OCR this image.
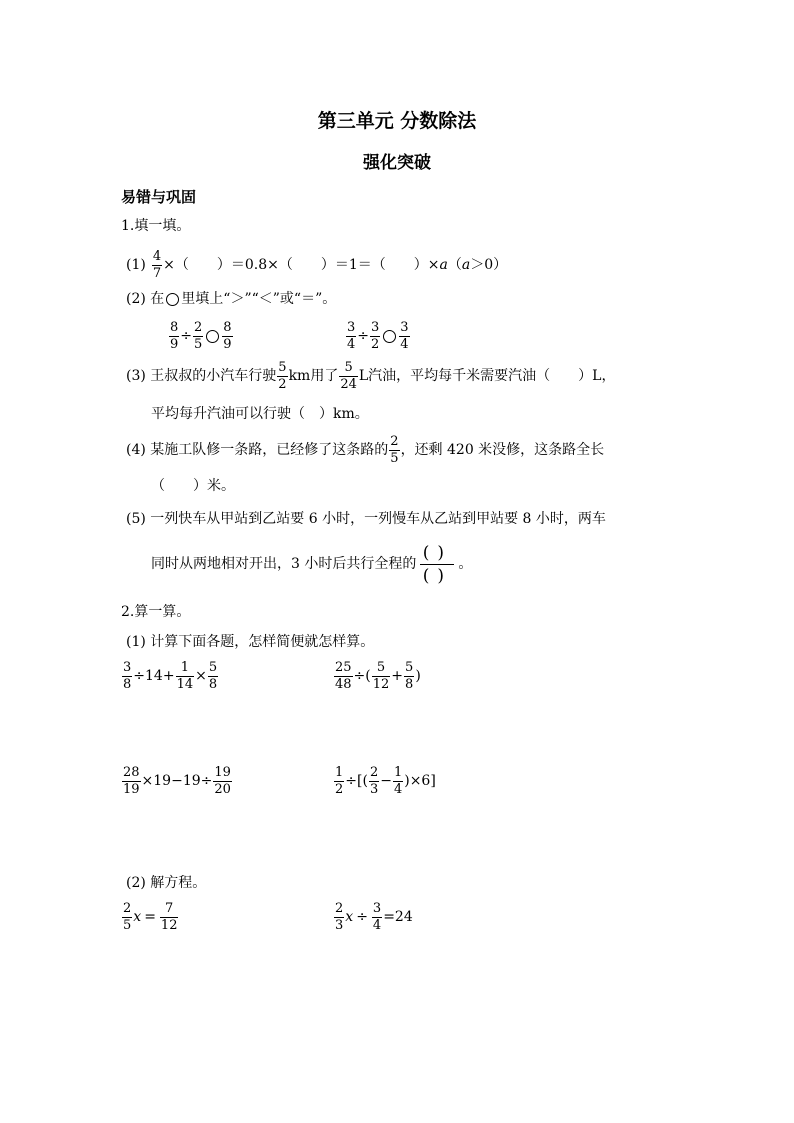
第三单元 分数除法
强化突破
易错与巩固
1.填一填。
$(1) \frac{4}{7}$ ×（　　）＝0.8×（　　）＝1＝（　　）× a （ a ＞0）
(2) 在 里填上“＞”“＜”或“＝”。
$\frac{8}{9} \div \frac{2}{5} \frac{8}{9}$	$\frac{3}{4} \div \frac{3}{2} \frac{3}{4}$
(3) 王叔叔的小汽车行驶 $\frac{5}{2}$ km用了 $\frac{5}{24}$ L汽油，平均每千米需要汽油（　　）L，
平均每升汽油可以行驶（　）km。
(4) 某施工队修一条路，已经修了这条路的 $\frac{2}{5}$ ，还剩 420 米没修，这条路全长
（　　）米。
(5) 一列快车从甲站到乙站要 6 小时，一列慢车从乙站到甲站要 8 小时，两车
同时从两地相对开出，3 小时后共行全程的
()
()
。
2.算一算。
(1) 计算下面各题，怎样简便就怎样算。
$\frac{3}{8} \div 14+ \frac{1}{14} \times \frac{5}{8}$	$\frac{25}{48}$ ÷( $\frac{5}{12} + \frac{5}{8}$ )
$\frac{28}{19} \times 19-19\div \frac{19}{20}$	$\frac{1}{2}$ ÷[( $\frac{2}{3} - \frac{1}{4} )\times 6$]
(2) 解方程。
$\frac{2}{5}$ $x = \frac{7}{12}$	$\frac{2}{3}$ $x \div \frac{3}{4} =24$
